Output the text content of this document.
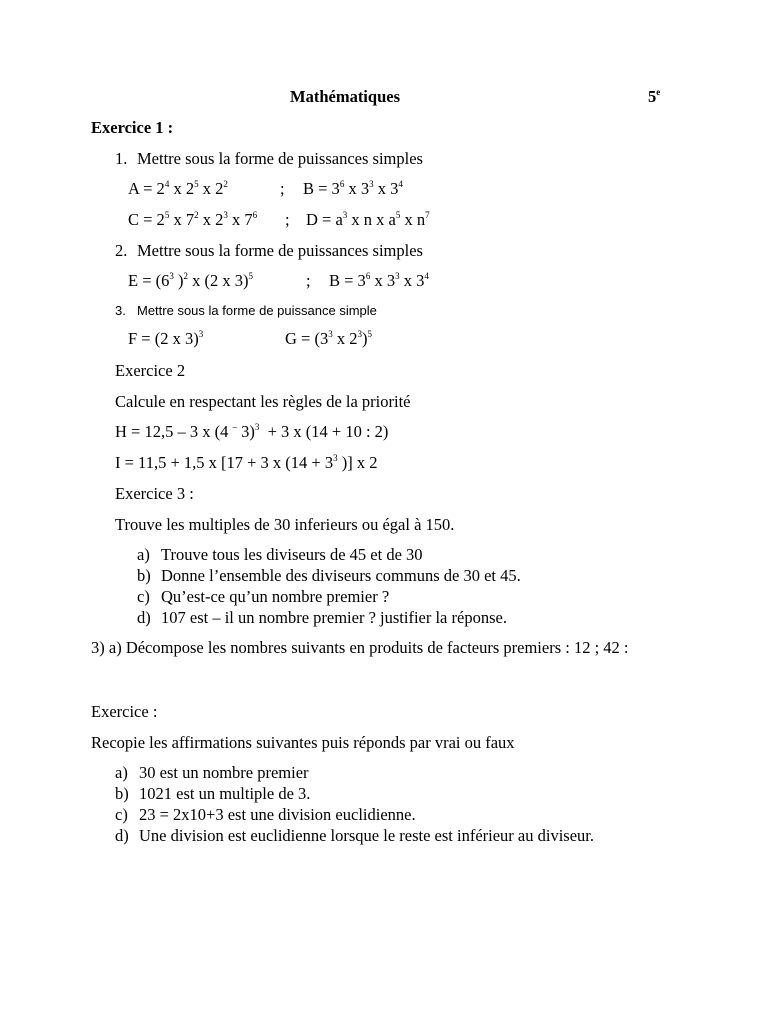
Mathématiques	5e
Exercice 1 :
1. Mettre sous la forme de puissances simples
$A = 2^4$ x $2^5$ x $2^2$	; $B = 3^6$ x $3^3$ x $3^4$
$C = 2^5$ x $7^2$ x $2^3$ x $7^6$ ; $D = a^3$ x n x $a^5$ x $n^7$
2. Mettre sous la forme de puissances simples
$E = (6^3$ )$^2$ x (2 x 3)$^5$	; $B = 3^6$ x $3^3$ x $3^4$
3. Mettre sous la forme de puissance simple
F = (2 x 3)$^3$	$G = (3^3$ x $2^3)^5$
Exercice 2
Calcule en respectant les règles de la priorité
H = 12,5 – 3 x (4 – 3)$^3$  + 3 x (14 + 10 : 2)
I = 11,5 + 1,5 x [17 + 3 x ($14 + 3^3$ )] x 2
Exercice 3 :
Trouve les multiples de 30 inferieurs ou égal à 150.
a) Trouve tous les diviseurs de 45 et de 30
b) Donne l’ensemble des diviseurs communs de 30 et 45.
c) Qu’est-ce qu’un nombre premier ?
d) 107 est – il un nombre premier ? justifier la réponse.
3) a) Décompose les nombres suivants en produits de facteurs premiers : 12 ; 42 :
Exercice :
Recopie les affirmations suivantes puis réponds par vrai ou faux
a) 30 est un nombre premier
b) 1021 est un multiple de 3.
c) 23 = 2x10+3 est une division euclidienne.
d) Une division est euclidienne lorsque le reste est inférieur au diviseur.
